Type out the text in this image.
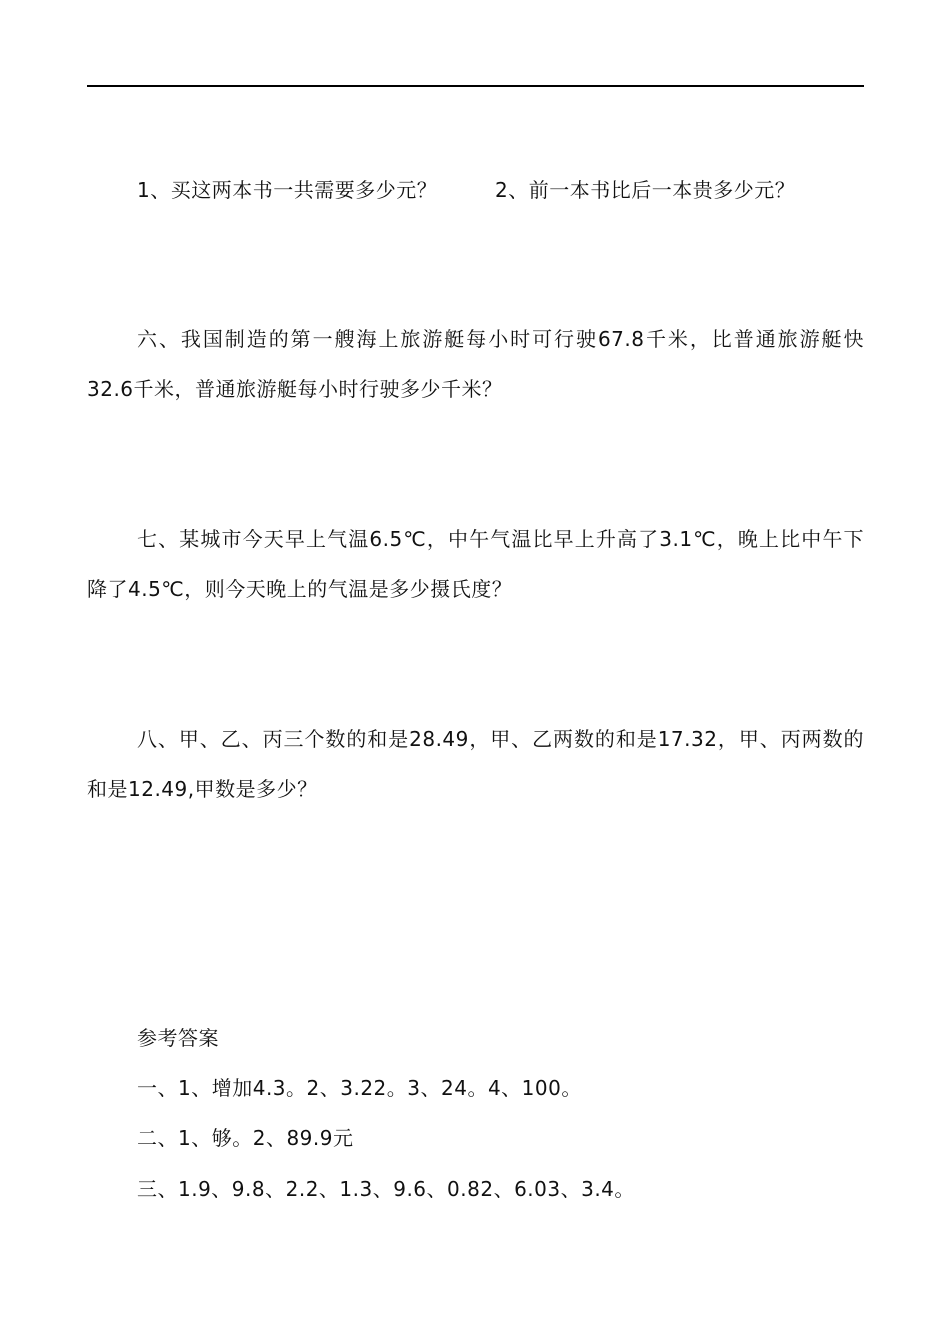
1、买这两本书一共需要多少元？	2、前一本书比后一本贵多少元？
六、我国制造的第一艘海上旅游艇每小时可行驶67.8千米，比普通旅游艇快32.6千米，普通旅游艇每小时行驶多少千米？
七、某城市今天早上气温6.5℃，中午气温比早上升高了3.1℃，晚上比中午下降了4.5℃，则今天晚上的气温是多少摄氏度？
八、甲、乙、丙三个数的和是28.49，甲、乙两数的和是17.32，甲、丙两数的和是12.49,甲数是多少？
参考答案
一、1、增加4.3。2、3.22。3、24。4、100。
二、1、够。2、89.9元
三、1.9、9.8、2.2、1.3、9.6、0.82、6.03、3.4。
